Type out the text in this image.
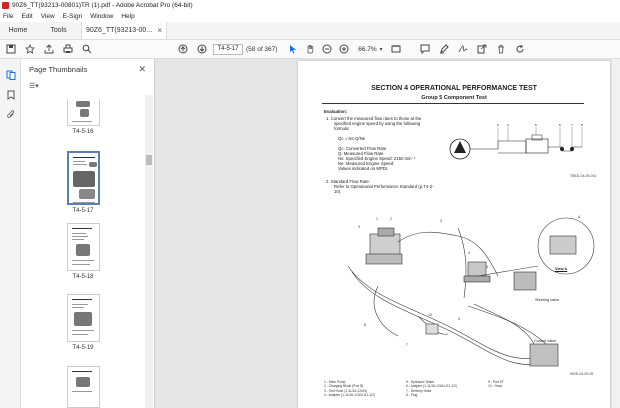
90Z6_TT(93213-00801)TR (1).pdf - Adobe Acrobat Pro (64-bit)
File Edit View E-Sign Window Help
Home	Tools	90Z6_TT(93213-00... ×
T4-5-17	(58 of 367)	66.7% ▾
Page Thumbnails	✕
☰▾
T4-5-16
T4-5-17
T4-5-18
T4-5-19
SECTION 4 OPERATIONAL PERFORMANCE TEST
Group 5 Component Test
Evaluation:
1. Convert the measured flow rates to those at the
specified engine speed by using the following
formula:
Qc = Ns·Q/Ne
Qc: Converted Flow Rate
Q: Measured Flow Rate
Ns: Specified Engine Speed: 2150 min⁻¹
Ne: Measured Engine Speed:
Values indicated on MPDr.
2. Standard Flow Rate:
Refer to Operational Performance Standard (p.T4-2-
10).
3	4	5	6	7	8
TBED-04-05-001
9
1	2	3
4
5
6
7
8
A
10
View A
Steering valve
Control valve
902E-04-05-09
1 - Main Pump
2 - Charging Block (Port B)
3 - Test Hose (1-11/16-12UN)
4 - Adapter (1-11/16-12UN-G1-1/2)
5 - Hydraulic Tester
6 - Adapter (1-11/16-12UN-G1-1/2)
7 - Delivery Hose
8 - Plug
9 - Port ST
10 - Hose
